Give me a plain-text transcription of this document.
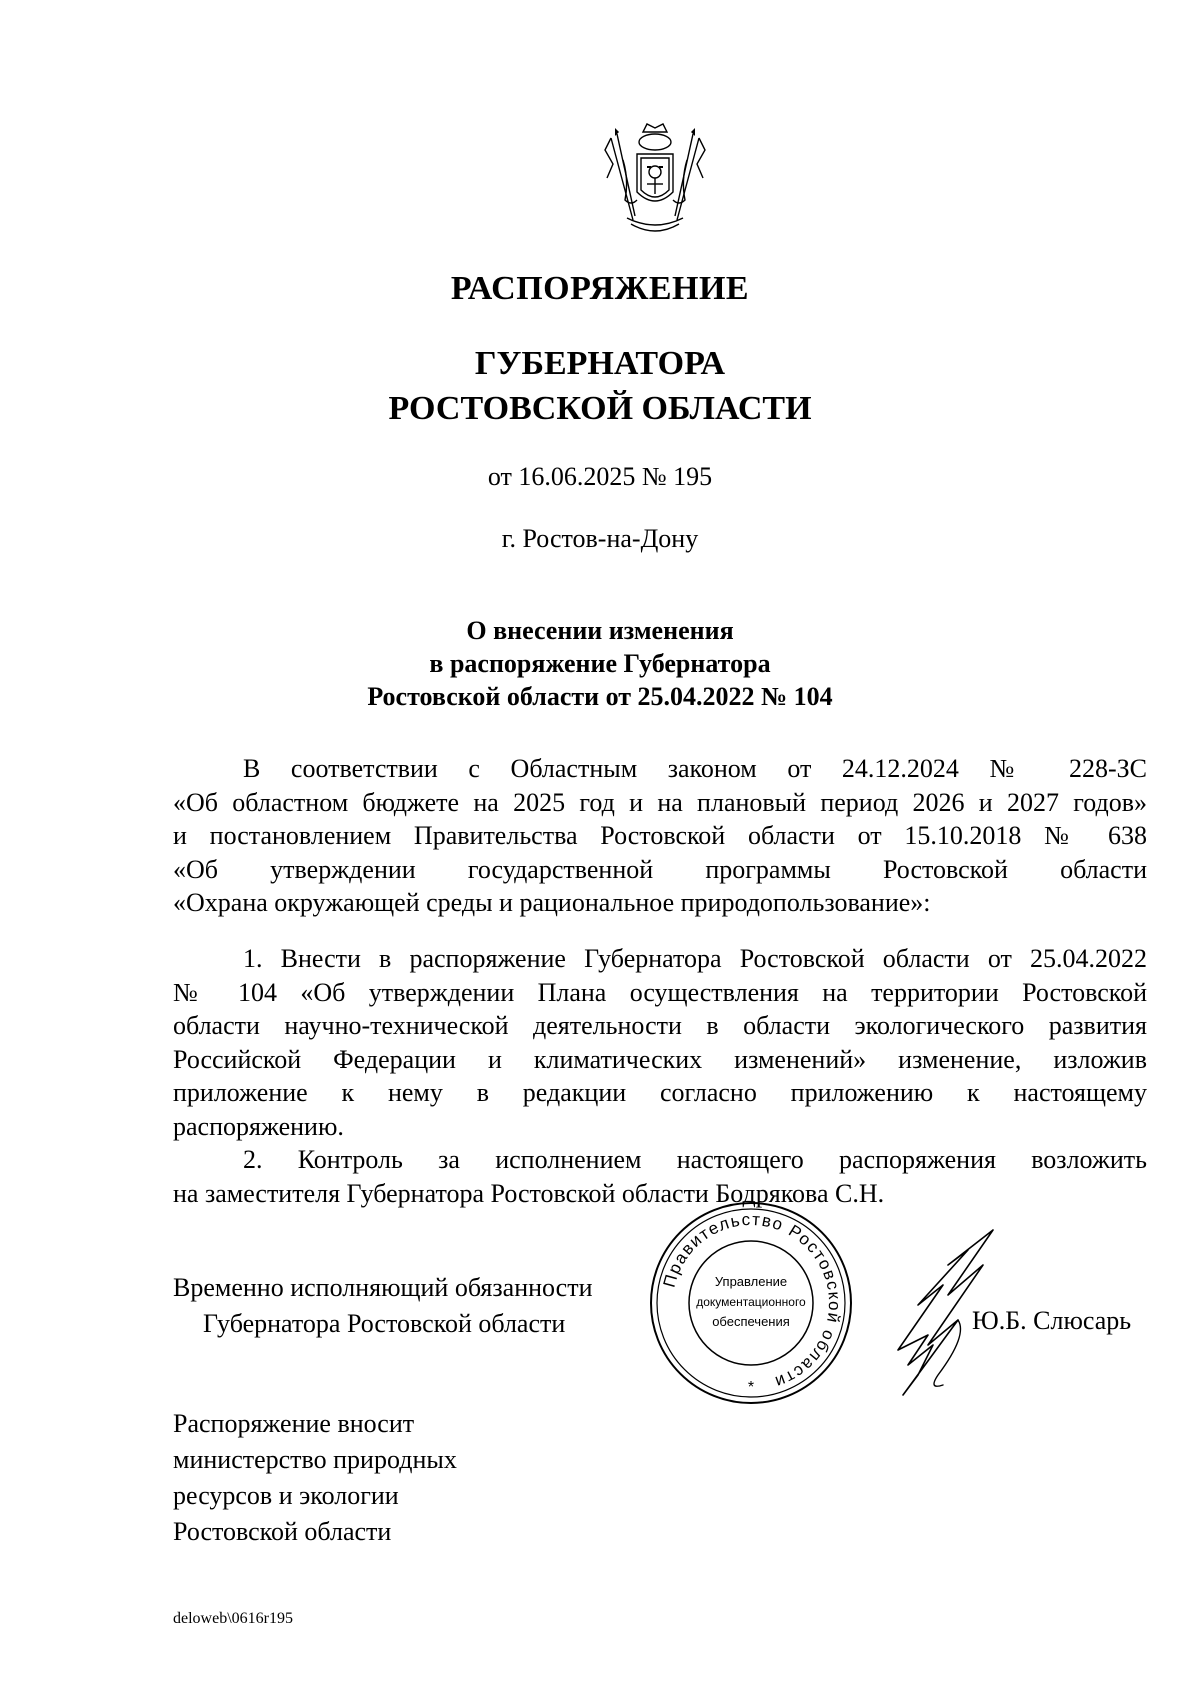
РАСПОРЯЖЕНИЕ
ГУБЕРНАТОРА
РОСТОВСКОЙ ОБЛАСТИ
от 16.06.2025 № 195
г. Ростов-на-Дону
О внесении изменения
в распоряжение Губернатора
Ростовской области от 25.04.2022 № 104
В соответствии с Областным законом от 24.12.2024 № 228-ЗС
«Об областном бюджете на 2025 год и на плановый период 2026 и 2027 годов»
и постановлением Правительства Ростовской области от 15.10.2018 № 638
«Об утверждении государственной программы Ростовской области
«Охрана окружающей среды и рациональное природопользование»:
1. Внести в распоряжение Губернатора Ростовской области от 25.04.2022
№ 104 «Об утверждении Плана осуществления на территории Ростовской
области научно-технической деятельности в области экологического развития
Российской Федерации и климатических изменений» изменение, изложив
приложение к нему в редакции согласно приложению к настоящему
распоряжению.
2. Контроль за исполнением настоящего распоряжения возложить
на заместителя Губернатора Ростовской области Бодрякова С.Н.
Правительство Ростовской области
Управление
документационного
обеспечения
*
Временно исполняющий обязанности
Губернатора Ростовской области	Ю.Б. Слюсарь
Распоряжение вносит
министерство природных
ресурсов и экологии
Ростовской области
deloweb\0616r195
